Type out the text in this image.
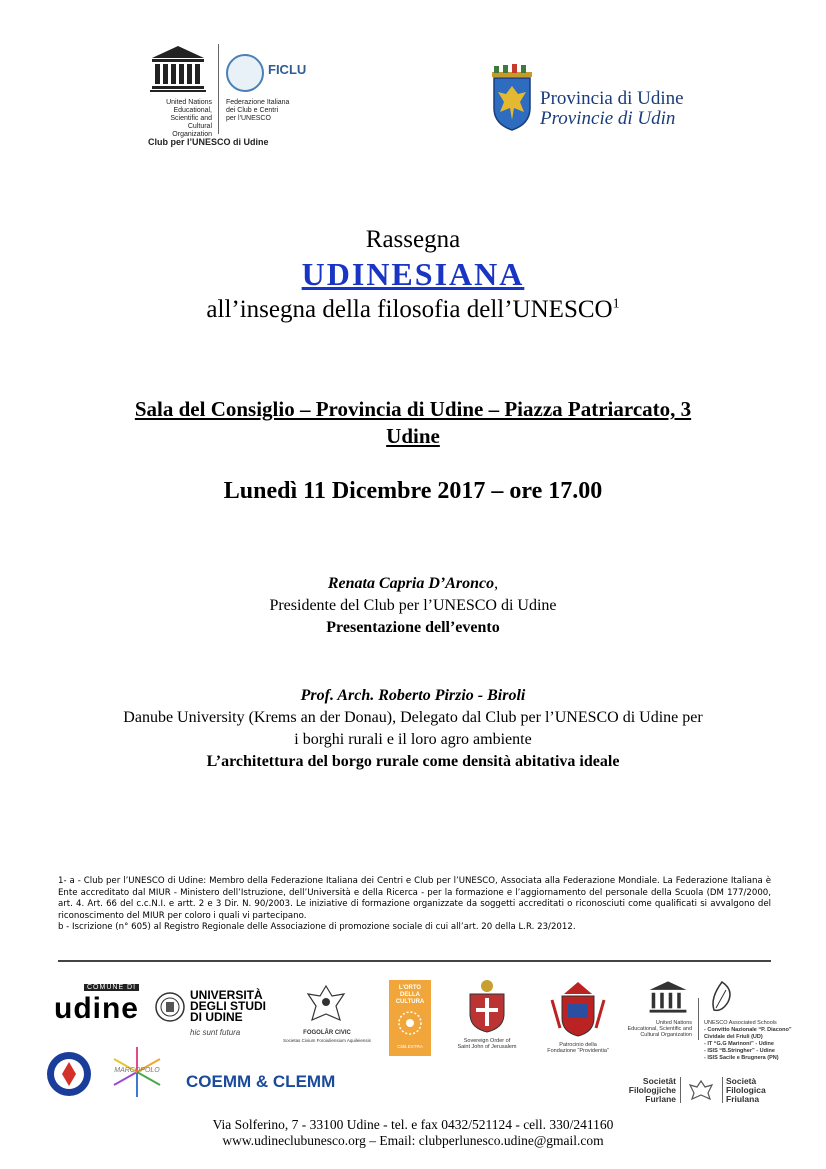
United Nations
Educational, Scientific and
Cultural Organization
FICLU
Federazione Italiana
dei Club e Centri
per l'UNESCO
Club per l’UNESCO di Udine
Provincia di Udine
Provincie di Udin
Rassegna
UDINESIANA
all’insegna della filosofia dell’UNESCO$^1$
Sala del Consiglio – Provincia di Udine – Piazza Patriarcato, 3
Udine
Lunedì 11 Dicembre 2017 – ore 17.00
Renata Capria D’Aronco,
Presidente del Club per l’UNESCO di Udine
Presentazione dell’evento
Prof. Arch. Roberto Pirzio - Biroli
Danube University (Krems an der Donau), Delegato dal Club per l’UNESCO di Udine per
i borghi rurali e il loro agro ambiente
L’architettura del borgo rurale come densità abitativa ideale
1- a - Club per l’UNESCO di Udine: Membro della Federazione Italiana dei Centri e Club per l’UNESCO, Associata alla Federazione Mondiale. La Federazione Italiana è Ente accreditato dal MIUR - Ministero dell’Istruzione, dell’Università e della Ricerca - per la formazione e l’aggiornamento del personale della Scuola (DM 177/2000, art. 4. Art. 66 del c.c.N.I. e artt. 2 e 3 Dir. N. 90/2003. Le iniziative di formazione organizzate da soggetti accreditati o riconosciuti come qualificati si avvalgono del riconoscimento del MIUR per coloro i quali vi partecipano.
b - Iscrizione (n° 605) al Registro Regionale delle Associazione di promozione sociale di cui all’art. 20 della L.R. 23/2012.
COMUNE DI
udine	UNIVERSITÀ
DEGLI STUDI
DI UDINE
hic sunt futura	FOGOLÂR CIVIC
Societas Civium Foroiuliensium Aquileiensis
L’ORTO
DELLA
CULTURA
Città EXTRA
Sovereign Order of
Saint John of Jerusalem	Patrocinio della
Fondazione “Providentia”
United Nations
Educational, Scientific and
Cultural Organization
UNESCO Associated Schools
- Convitto Nazionale “P. Diacono”
Cividale del Friuli (UD)
- IT “G.G Marinoni” - Udine
- ISIS “B.Stringher” - Udine
- ISIS Sacile e Brugnera (PN)
MARCOPOLO
COEMM & CLEMM	Societât
Filologjiche
Furlane
Società
Filologica
Friulana
Via Solferino, 7 - 33100 Udine - tel. e fax 0432/521124 - cell. 330/241160
www.udineclubunesco.org – Email: clubperlunesco.udine@gmail.com
